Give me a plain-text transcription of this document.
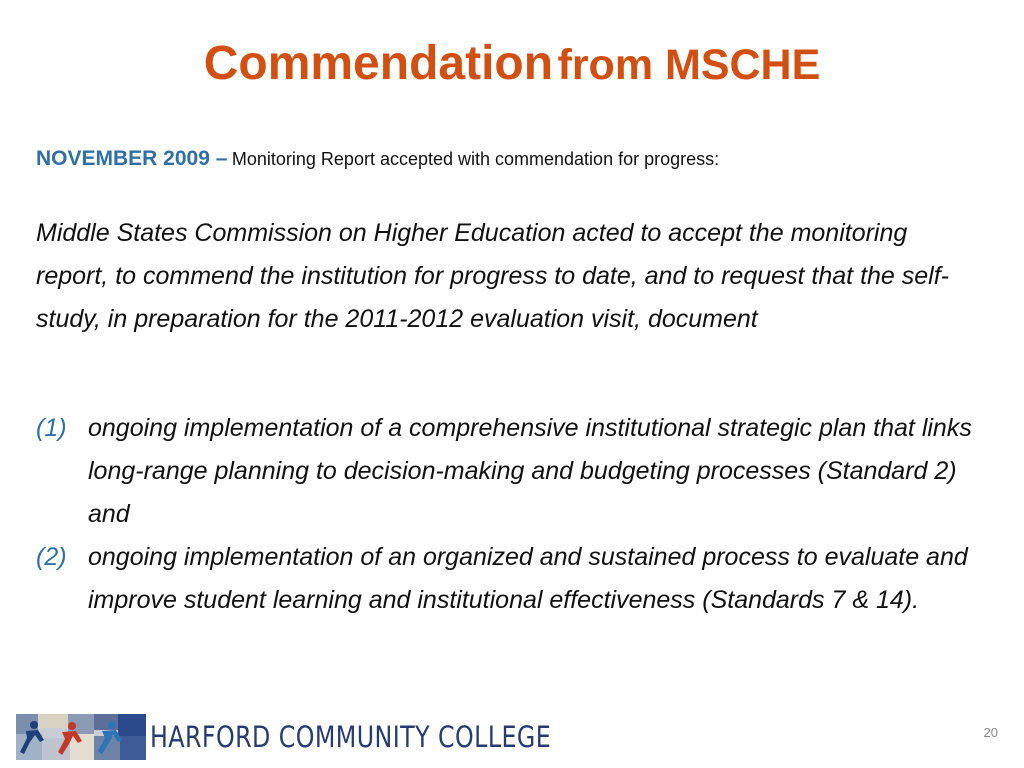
Commendation from MSCHE
NOVEMBER 2009 – Monitoring Report accepted with commendation for progress:
Middle States Commission on Higher Education acted to accept the monitoring report, to commend the institution for progress to date, and to request that the self-study, in preparation for the 2011-2012 evaluation visit, document
(1) ongoing implementation of a comprehensive institutional strategic plan that links long-range planning to decision-making and budgeting processes (Standard 2) and
(2) ongoing implementation of an organized and sustained process to evaluate and improve student learning and institutional effectiveness (Standards 7 & 14).
HARFORD COMMUNITY COLLEGE	20
